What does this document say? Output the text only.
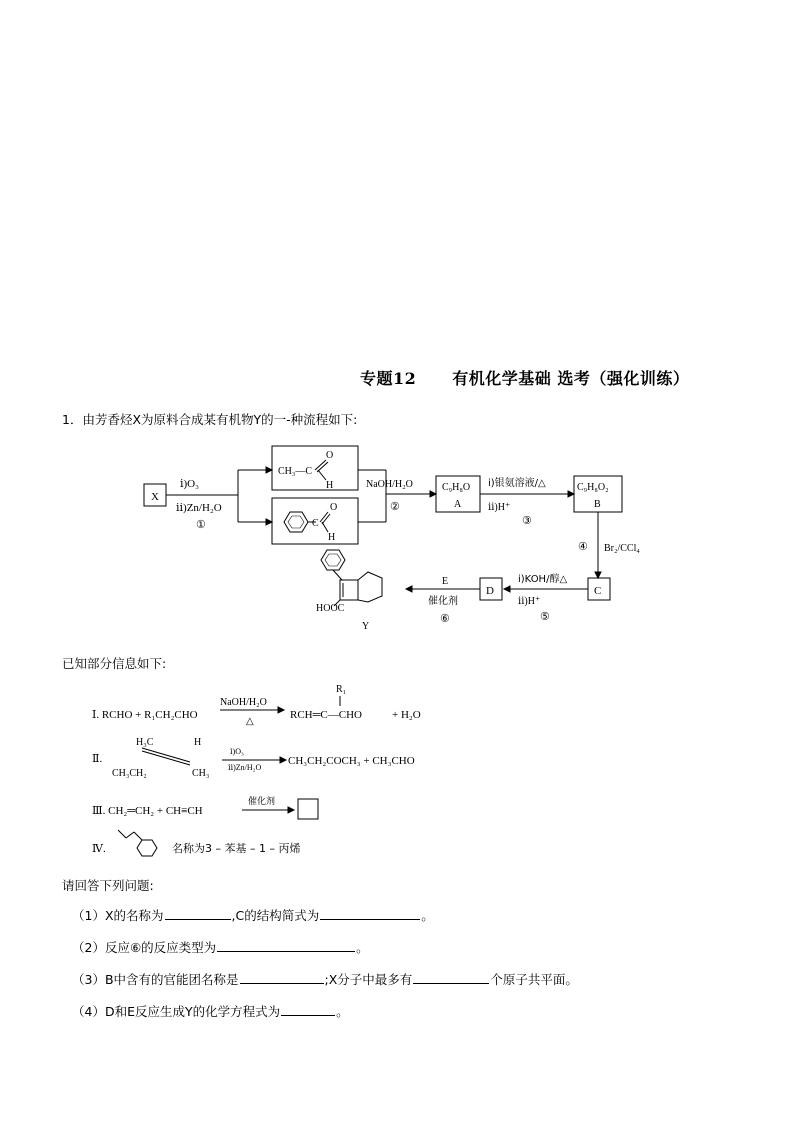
专题12 有机化学基础 选考（强化训练）
1．由芳香烃X为原料合成某有机物Y的一-种流程如下:
X
ⅰ)O₃
ⅱ)Zn/H₂O
①
CH₃—C
O
H
C
O
H
NaOH/H₂O
②
C₉H₈O
A
ⅰ)银氨溶液/△
ⅱ)H⁺
③
C₉H₈O₂
B
④ Br₂/CCl₄
C
ⅰ)KOH/醇△
ⅱ)H⁺
⑤
D
E
催化剂
⑥
HOOC
Y
已知部分信息如下:
Ⅰ. RCHO + R₁CH₂CHO
NaOH/H₂O
△
R₁
RCH═C—CHO	+ H₂O
Ⅱ.
H₃C	H
CH₃CH₂	CH₃
ⅰ)O₃
ⅱ)Zn/H₂O
CH₃CH₂COCH₃ + CH₃CHO
Ⅲ. CH₂═CH₂ + CH≡CH
催化剂
Ⅳ.	名称为3 – 苯基 – 1 – 丙烯
请回答下列问题:
（1）X的名称为	,C的结构简式为	。
（2）反应⑥的反应类型为	。
（3）B中含有的官能团名称是	;X分子中最多有	个原子共平面。
（4）D和E反应生成Y的化学方程式为	。
